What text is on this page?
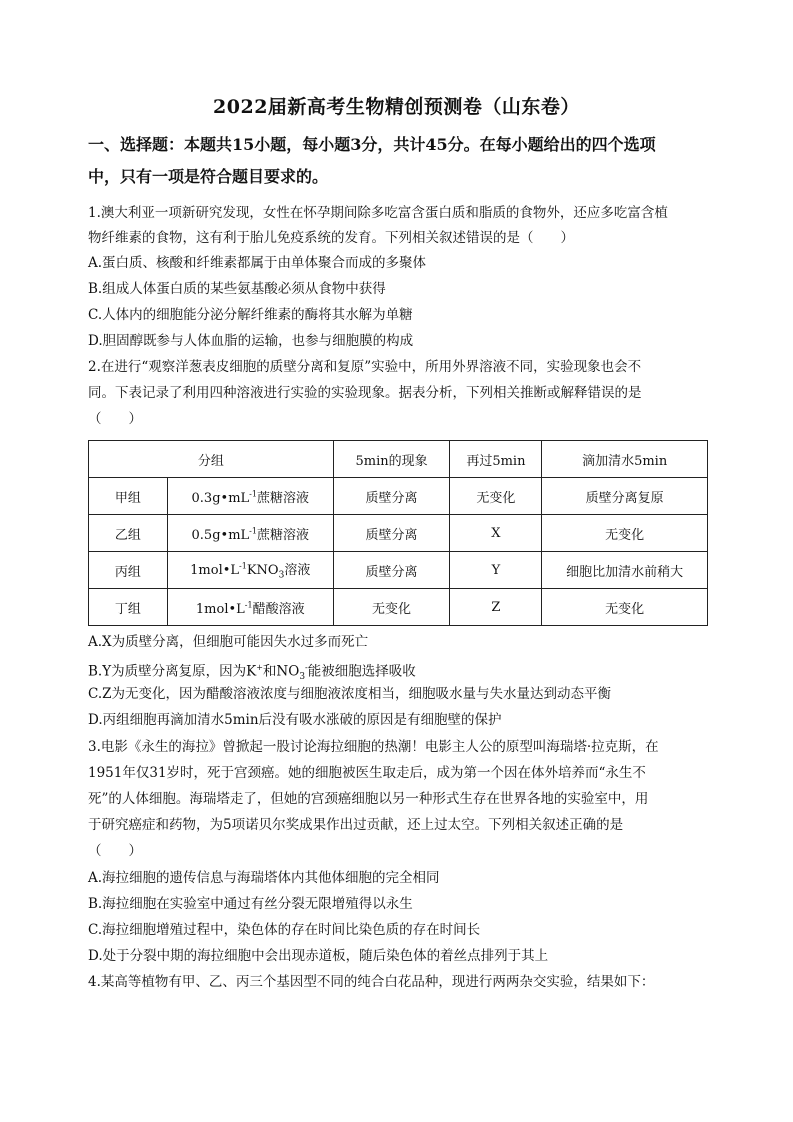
2022届新高考生物精创预测卷（山东卷）
一、选择题：本题共15小题，每小题3分，共计45分。在每小题给出的四个选项
中，只有一项是符合题目要求的。
1.澳大利亚一项新研究发现，女性在怀孕期间除多吃富含蛋白质和脂质的食物外，还应多吃富含植
物纤维素的食物，这有利于胎儿免疫系统的发育。下列相关叙述错误的是（　　）
A.蛋白质、核酸和纤维素都属于由单体聚合而成的多聚体
B.组成人体蛋白质的某些氨基酸必须从食物中获得
C.人体内的细胞能分泌分解纤维素的酶将其水解为单糖
D.胆固醇既参与人体血脂的运输，也参与细胞膜的构成
2.在进行“观察洋葱表皮细胞的质壁分离和复原”实验中，所用外界溶液不同，实验现象也会不
同。下表记录了利用四种溶液进行实验的实验现象。据表分析，下列相关推断或解释错误的是
（　　）
分组		5min的现象	再过5min	滴加清水5min
甲组	$0.3g•mL^{-1}$蔗糖溶液	质壁分离	无变化	质壁分离复原
乙组	$0.5g•mL^{-1}$蔗糖溶液	质壁分离	X	无变化
丙组	$1mol•L^{-1}KNO_3$溶液	质壁分离	Y	细胞比加清水前稍大
丁组	$1mol•L^{-1}$醋酸溶液	无变化	Z	无变化
A.X为质壁分离，但细胞可能因失水过多而死亡
B.Y为质壁分离复原，因为K+和$NO_3^-$能被细胞选择吸收
C.Z为无变化，因为醋酸溶液浓度与细胞液浓度相当，细胞吸水量与失水量达到动态平衡
D.丙组细胞再滴加清水5min后没有吸水涨破的原因是有细胞壁的保护
3.电影《永生的海拉》曾掀起一股讨论海拉细胞的热潮！电影主人公的原型叫海瑞塔·拉克斯，在
1951年仅31岁时，死于宫颈癌。她的细胞被医生取走后，成为第一个因在体外培养而“永生不
死”的人体细胞。海瑞塔走了，但她的宫颈癌细胞以另一种形式生存在世界各地的实验室中，用
于研究癌症和药物，为5项诺贝尔奖成果作出过贡献，还上过太空。下列相关叙述正确的是
（　　）
A.海拉细胞的遗传信息与海瑞塔体内其他体细胞的完全相同
B.海拉细胞在实验室中通过有丝分裂无限增殖得以永生
C.海拉细胞增殖过程中，染色体的存在时间比染色质的存在时间长
D.处于分裂中期的海拉细胞中会出现赤道板，随后染色体的着丝点排列于其上
4.某高等植物有甲、乙、丙三个基因型不同的纯合白花品种，现进行两两杂交实验，结果如下：
